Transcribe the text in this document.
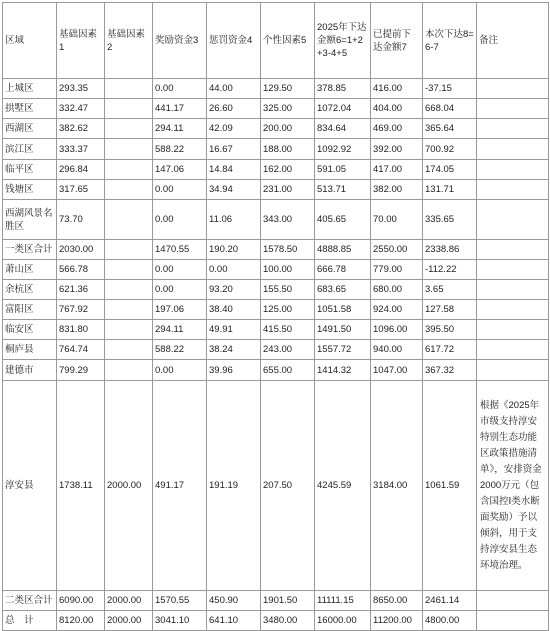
区域	基础因素1	基础因素2	奖励资金3	惩罚资金4	个性因素5	2025年下达金额6=1+2+3-4+5	已提前下达金额7	本次下达8=6-7	备注
上城区	293.35		0.00	44.00	129.50	378.85	416.00	-37.15	
拱墅区	332.47		441.17	26.60	325.00	1072.04	404.00	668.04	
西湖区	382.62		294.11	42.09	200.00	834.64	469.00	365.64	
滨江区	333.37		588.22	16.67	188.00	1092.92	392.00	700.92	
临平区	296.84		147.06	14.84	162.00	591.05	417.00	174.05	
钱塘区	317.65		0.00	34.94	231.00	513.71	382.00	131.71	
西湖风景名胜区	73.70		0.00	11.06	343.00	405.65	70.00	335.65	
一类区合计	2030.00		1470.55	190.20	1578.50	4888.85	2550.00	2338.86	
萧山区	566.78		0.00	0.00	100.00	666.78	779.00	-112.22	
余杭区	621.36		0.00	93.20	155.50	683.65	680.00	3.65	
富阳区	767.92		197.06	38.40	125.00	1051.58	924.00	127.58	
临安区	831.80		294.11	49.91	415.50	1491.50	1096.00	395.50	
桐庐县	764.74		588.22	38.24	243.00	1557.72	940.00	617.72	
建德市	799.29		0.00	39.96	655.00	1414.32	1047.00	367.32	
淳安县	1738.11	2000.00	491.17	191.19	207.50	4245.59	3184.00	1061.59	根据《2025年市级支持淳安特别生态功能区政策措施清单》，安排资金2000万元（包含国控Ⅰ类水断面奖励）予以倾斜，用于支持淳安县生态环境治理。
二类区合计	6090.00	2000.00	1570.55	450.90	1901.50	11111.15	8650.00	2461.14	
总　计	8120.00	2000.00	3041.10	641.10	3480.00	16000.00	11200.00	4800.00	
